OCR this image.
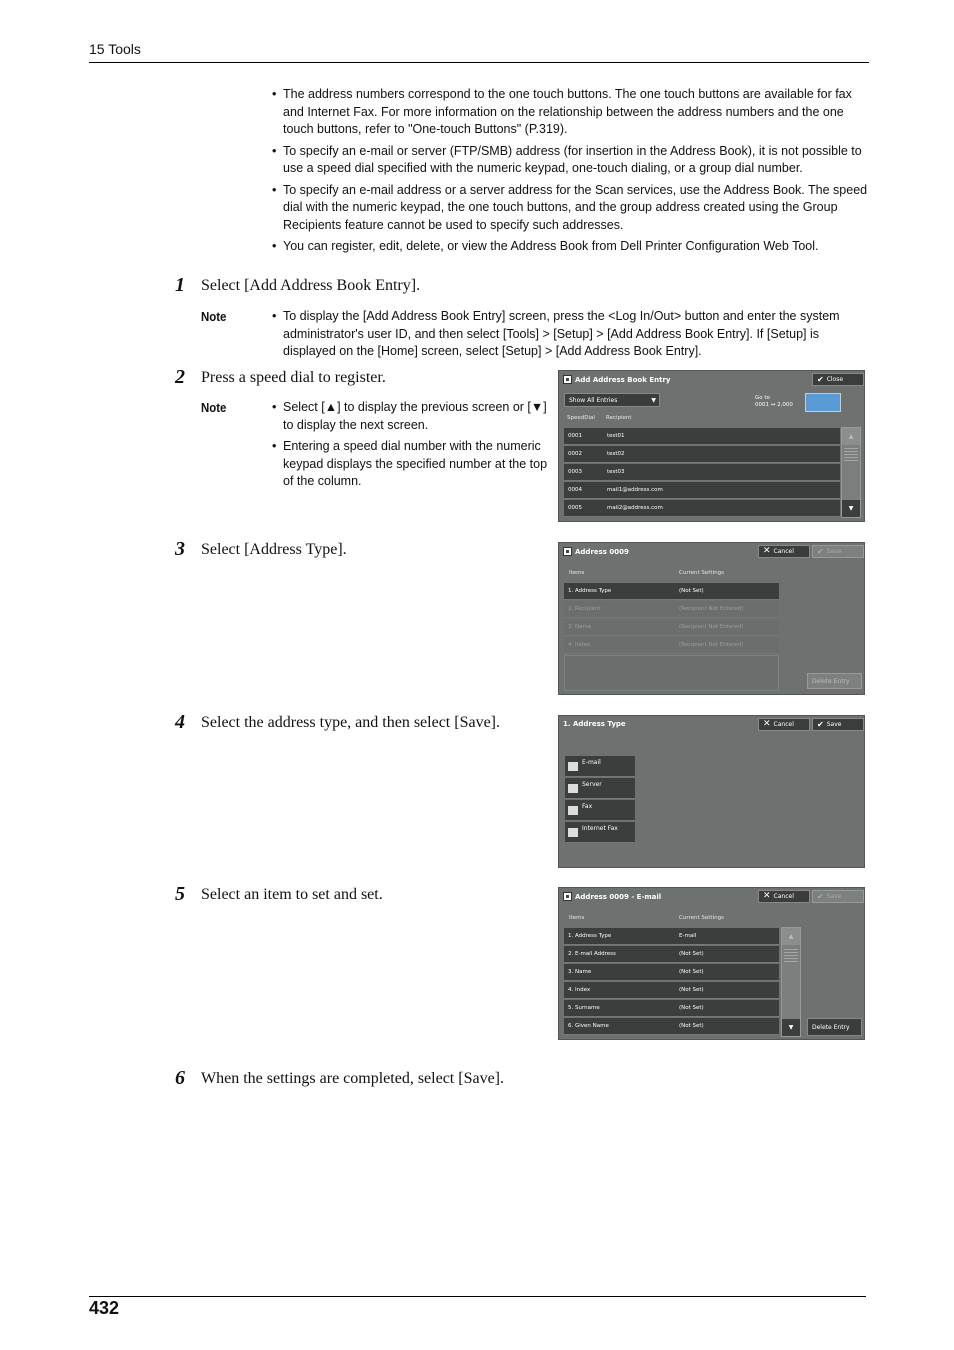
15 Tools
• The address numbers correspond to the one touch buttons. The one touch buttons are available for fax and Internet Fax. For more information on the relationship between the address numbers and the one touch buttons, refer to "One-touch Buttons" (P.319).
• To specify an e-mail or server (FTP/SMB) address (for insertion in the Address Book), it is not possible to use a speed dial specified with the numeric keypad, one-touch dialing, or a group dial number.
• To specify an e-mail address or a server address for the Scan services, use the Address Book. The speed dial with the numeric keypad, the one touch buttons, and the group address created using the Group Recipients feature cannot be used to specify such addresses.
• You can register, edit, delete, or view the Address Book from Dell Printer Configuration Web Tool.
1 Select [Add Address Book Entry].
Note	• To display the [Add Address Book Entry] screen, press the <Log In/Out> button and enter the system administrator's user ID, and then select [Tools] > [Setup] > [Add Address Book Entry]. If [Setup] is displayed on the [Home] screen, select [Setup] > [Add Address Book Entry].
2 Press a speed dial to register.
Note	• Select [▲] to display the previous screen or [▼] to display the next screen.
• Entering a speed dial number with the numeric keypad displays the specified number at the top of the column.
Add Address Book Entry	✔ Close
Show All Entries	▼	Go to
0001 ↔ 2,000
SpeedDial Recipient
0001	test01
0002	test02
0003	test03
0004	mail1@address.com
0005	mail2@address.com
▲
▼
3 Select [Address Type].	Address 0009	✕ Cancel	✔ Save
Items	Current Settings
1. Address Type	(Not Set)
2. Recipient	(Recipient Not Entered)
3. Name	(Recipient Not Entered)
4. Index	(Recipient Not Entered)
Delete Entry
4 Select the address type, and then select [Save].	1. Address Type	✕ Cancel	✔ Save
E-mail
Server
Fax
Internet Fax
5 Select an item to set and set.	Address 0009 - E-mail	✕ Cancel	✔ Save
Items	Current Settings
1. Address Type	E-mail
2. E-mail Address	(Not Set)
3. Name	(Not Set)
4. Index	(Not Set)
5. Surname	(Not Set)
6. Given Name	(Not Set)
▲
▼	Delete Entry
6 When the settings are completed, select [Save].
432
